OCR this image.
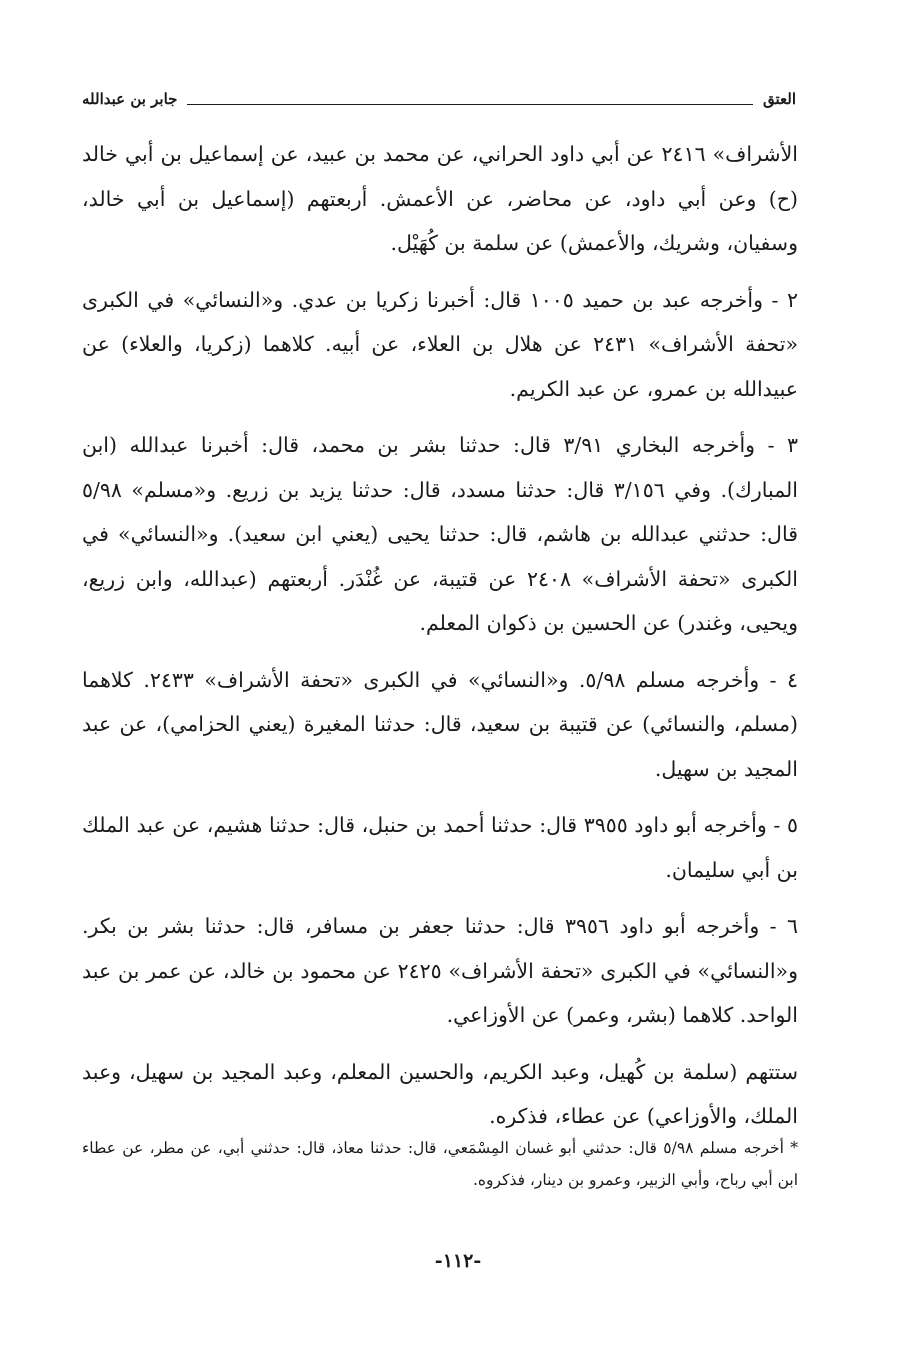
العتق
جابر بن عبدالله

الأشراف» ٢٤١٦ عن أبي داود الحراني، عن محمد بن عبيد، عن إسماعيل بن أبي خالد (ح) وعن أبي داود، عن محاضر، عن الأعمش. أربعتهم (إسماعيل بن أبي خالد، وسفيان، وشريك، والأعمش) عن سلمة بن كُهَيْل.

٢ - وأخرجه عبد بن حميد ١٠٠٥ قال: أخبرنا زكريا بن عدي. و«النسائي» في الكبرى «تحفة الأشراف» ٢٤٣١ عن هلال بن العلاء، عن أبيه. كلاهما (زكريا، والعلاء) عن عبيدالله بن عمرو، عن عبد الكريم.

٣ - وأخرجه البخاري ٣/٩١ قال: حدثنا بشر بن محمد، قال: أخبرنا عبدالله (ابن المبارك). وفي ٣/١٥٦ قال: حدثنا مسدد، قال: حدثنا يزيد بن زريع. و«مسلم» ٥/٩٨ قال: حدثني عبدالله بن هاشم، قال: حدثنا يحيى (يعني ابن سعيد). و«النسائي» في الكبرى «تحفة الأشراف» ٢٤٠٨ عن قتيبة، عن غُنْدَر. أربعتهم (عبدالله، وابن زريع، ويحيى، وغندر) عن الحسين بن ذكوان المعلم.

٤ - وأخرجه مسلم ٥/٩٨. و«النسائي» في الكبرى «تحفة الأشراف» ٢٤٣٣. كلاهما (مسلم، والنسائي) عن قتيبة بن سعيد، قال: حدثنا المغيرة (يعني الحزامي)، عن عبد المجيد بن سهيل.

٥ - وأخرجه أبو داود ٣٩٥٥ قال: حدثنا أحمد بن حنبل، قال: حدثنا هشيم، عن عبد الملك بن أبي سليمان.

٦ - وأخرجه أبو داود ٣٩٥٦ قال: حدثنا جعفر بن مسافر، قال: حدثنا بشر بن بكر. و«النسائي» في الكبرى «تحفة الأشراف» ٢٤٢٥ عن محمود بن خالد، عن عمر بن عبد الواحد. كلاهما (بشر، وعمر) عن الأوزاعي.

ستتهم (سلمة بن كُهيل، وعبد الكريم، والحسين المعلم، وعبد المجيد بن سهيل، وعبد الملك، والأوزاعي) عن عطاء، فذكره.

* أخرجه مسلم ٥/٩٨ قال: حدثني أبو غسان المِسْمَعي، قال: حدثنا معاذ، قال: حدثني أبي، عن مطر، عن عطاء ابن أبي رباح، وأبي الزبير، وعمرو بن دينار، فذكروه.
-١١٢-
